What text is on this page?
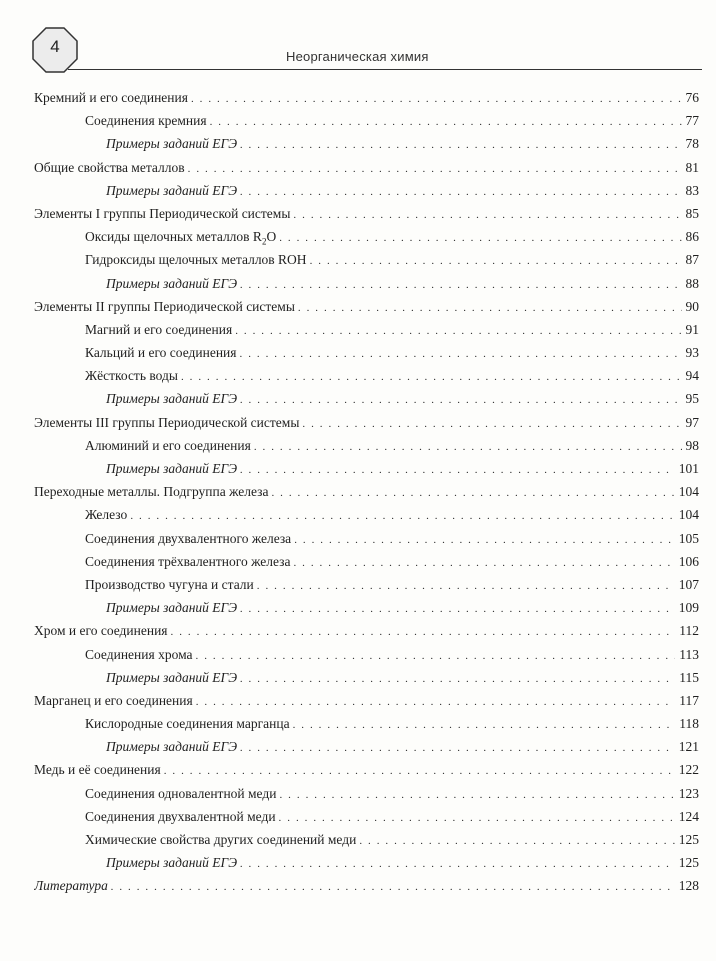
4
Неорганическая химия
Кремний и его соединения . . .	76
Соединения кремния . . .	77
Примеры заданий ЕГЭ . . .	78
Общие свойства металлов . . .	81
Примеры заданий ЕГЭ . . .	83
Элементы I группы Периодической системы . . .	85
Оксиды щелочных металлов $R_2O$ . . .	86
Гидроксиды щелочных металлов ROH . . .	87
Примеры заданий ЕГЭ . . .	88
Элементы II группы Периодической системы . . .	90
Магний и его соединения . . .	91
Кальций и его соединения . . .	93
Жёсткость воды . . .	94
Примеры заданий ЕГЭ . . .	95
Элементы III группы Периодической системы . . .	97
Алюминий и его соединения . . .	98
Примеры заданий ЕГЭ . . .	101
Переходные металлы. Подгруппа железа . . .	104
Железо . . .	104
Соединения двухвалентного железа . . .	105
Соединения трёхвалентного железа . . .	106
Производство чугуна и стали . . .	107
Примеры заданий ЕГЭ . . .	109
Хром и его соединения . . .	112
Соединения хрома . . .	113
Примеры заданий ЕГЭ . . .	115
Марганец и его соединения . . .	117
Кислородные соединения марганца . . .	118
Примеры заданий ЕГЭ . . .	121
Медь и её соединения . . .	122
Соединения одновалентной меди . . .	123
Соединения двухвалентной меди . . .	124
Химические свойства других соединений меди . . .	125
Примеры заданий ЕГЭ . . .	125
Литература . . .	128
